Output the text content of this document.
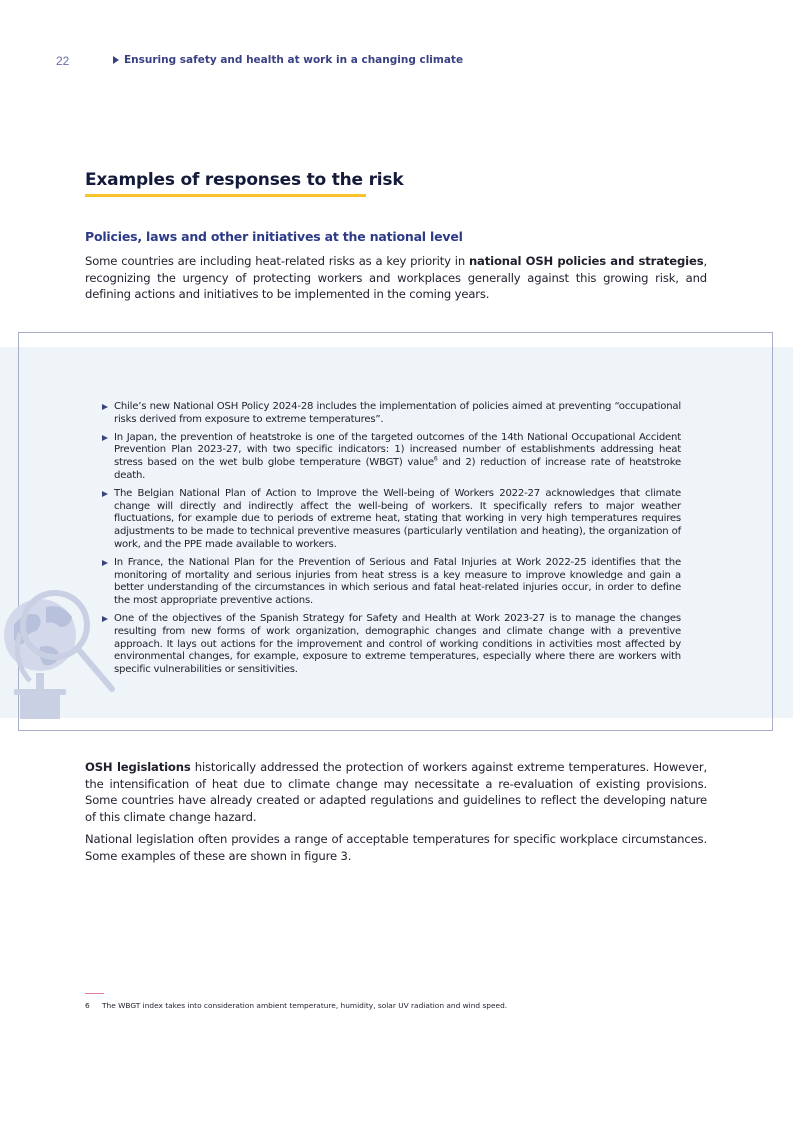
22	Ensuring safety and health at work in a changing climate
Examples of responses to the risk
Policies, laws and other initiatives at the national level

Some countries are including heat-related risks as a key priority in national OSH policies and strategies, recognizing the urgency of protecting workers and workplaces generally against this growing risk, and defining actions and initiatives to be implemented in the coming years.

Chile’s new National OSH Policy 2024-28 includes the implementation of policies aimed at preventing “occupational risks derived from exposure to extreme temperatures”.
In Japan, the prevention of heatstroke is one of the targeted outcomes of the 14th National Occupational Accident Prevention Plan 2023-27, with two specific indicators: 1) increased number of establishments addressing heat stress based on the wet bulb globe temperature (WBGT) value$^6$ and 2) reduction of increase rate of heatstroke death.
The Belgian National Plan of Action to Improve the Well-being of Workers 2022-27 acknowledges that climate change will directly and indirectly affect the well-being of workers. It specifically refers to major weather fluctuations, for example due to periods of extreme heat, stating that working in very high temperatures requires adjustments to be made to technical preventive measures (particularly ventilation and heating), the organization of work, and the PPE made available to workers.
In France, the National Plan for the Prevention of Serious and Fatal Injuries at Work 2022-25 identifies that the monitoring of mortality and serious injuries from heat stress is a key measure to improve knowledge and gain a better understanding of the circumstances in which serious and fatal heat-related injuries occur, in order to define the most appropriate preventive actions.
One of the objectives of the Spanish Strategy for Safety and Health at Work 2023-27 is to manage the changes resulting from new forms of work organization, demographic changes and climate change with a preventive approach. It lays out actions for the improvement and control of working conditions in activities most affected by environmental changes, for example, exposure to extreme temperatures, especially where there are workers with specific vulnerabilities or sensitivities.

OSH legislations historically addressed the protection of workers against extreme temperatures. However, the intensification of heat due to climate change may necessitate a re-evaluation of existing provisions. Some countries have already created or adapted regulations and guidelines to reflect the developing nature of this climate change hazard.

National legislation often provides a range of acceptable temperatures for specific workplace circumstances. Some examples of these are shown in figure 3.

6	The WBGT index takes into consideration ambient temperature, humidity, solar UV radiation and wind speed.
